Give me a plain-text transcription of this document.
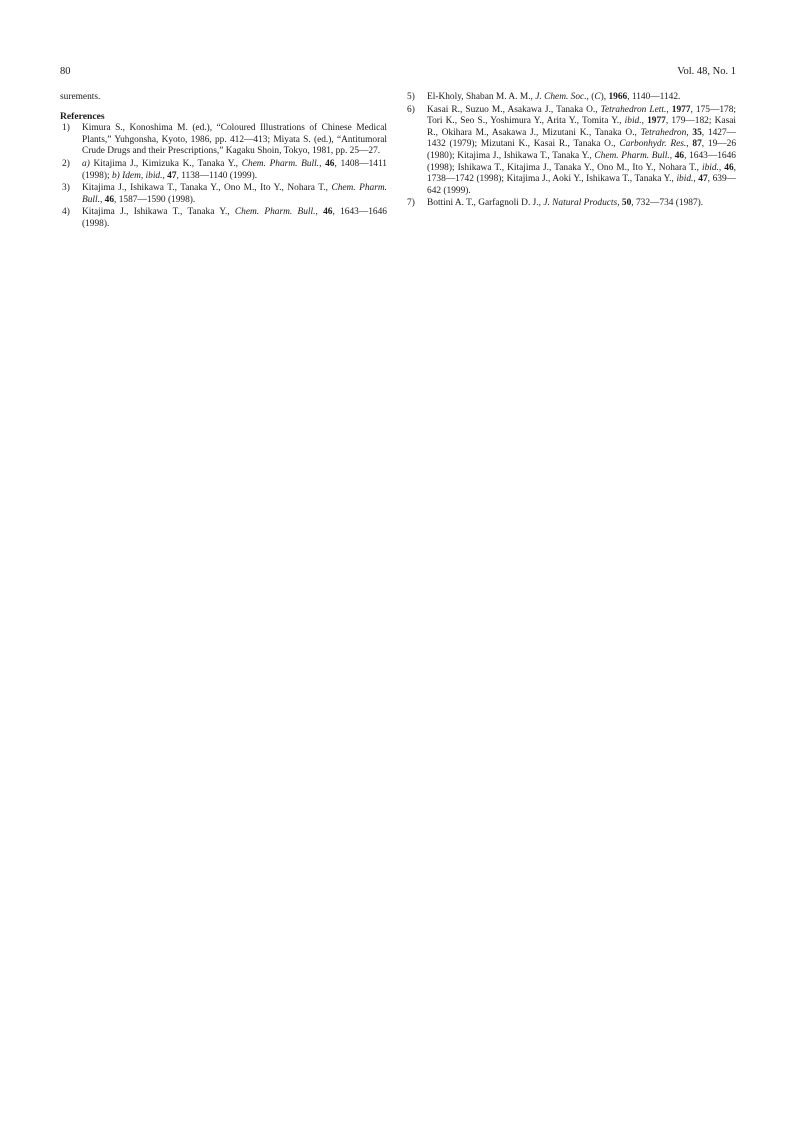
80	Vol. 48, No. 1

surements.

References
1) Kimura S., Konoshima M. (ed.), “Coloured Illustrations of Chinese Medical Plants,” Yuhgonsha, Kyoto, 1986, pp. 412—413; Miyata S. (ed.), “Antitumoral Crude Drugs and their Prescriptions,” Kagaku Shoin, Tokyo, 1981, pp. 25—27.
2) a) Kitajima J., Kimizuka K., Tanaka Y., Chem. Pharm. Bull., 46, 1408—1411 (1998); b) Idem, ibid., 47, 1138—1140 (1999).
3) Kitajima J., Ishikawa T., Tanaka Y., Ono M., Ito Y., Nohara T., Chem. Pharm. Bull., 46, 1587—1590 (1998).
4) Kitajima J., Ishikawa T., Tanaka Y., Chem. Pharm. Bull., 46, 1643—1646 (1998).
5) El-Kholy, Shaban M. A. M., J. Chem. Soc., (C), 1966, 1140—1142.
6) Kasai R., Suzuo M., Asakawa J., Tanaka O., Tetrahedron Lett., 1977, 175—178; Tori K., Seo S., Yoshimura Y., Arita Y., Tomita Y., ibid., 1977, 179—182; Kasai R., Okihara M., Asakawa J., Mizutani K., Tanaka O., Tetrahedron, 35, 1427—1432 (1979); Mizutani K., Kasai R., Tanaka O., Carbonhydr. Res., 87, 19—26 (1980); Kitajima J., Ishikawa T., Tanaka Y., Chem. Pharm. Bull., 46, 1643—1646 (1998); Ishikawa T., Kitajima J., Tanaka Y., Ono M., Ito Y., Nohara T., ibid., 46, 1738—1742 (1998); Kitajima J., Aoki Y., Ishikawa T., Tanaka Y., ibid., 47, 639—642 (1999).
7) Bottini A. T., Garfagnoli D. J., J. Natural Products, 50, 732—734 (1987).
